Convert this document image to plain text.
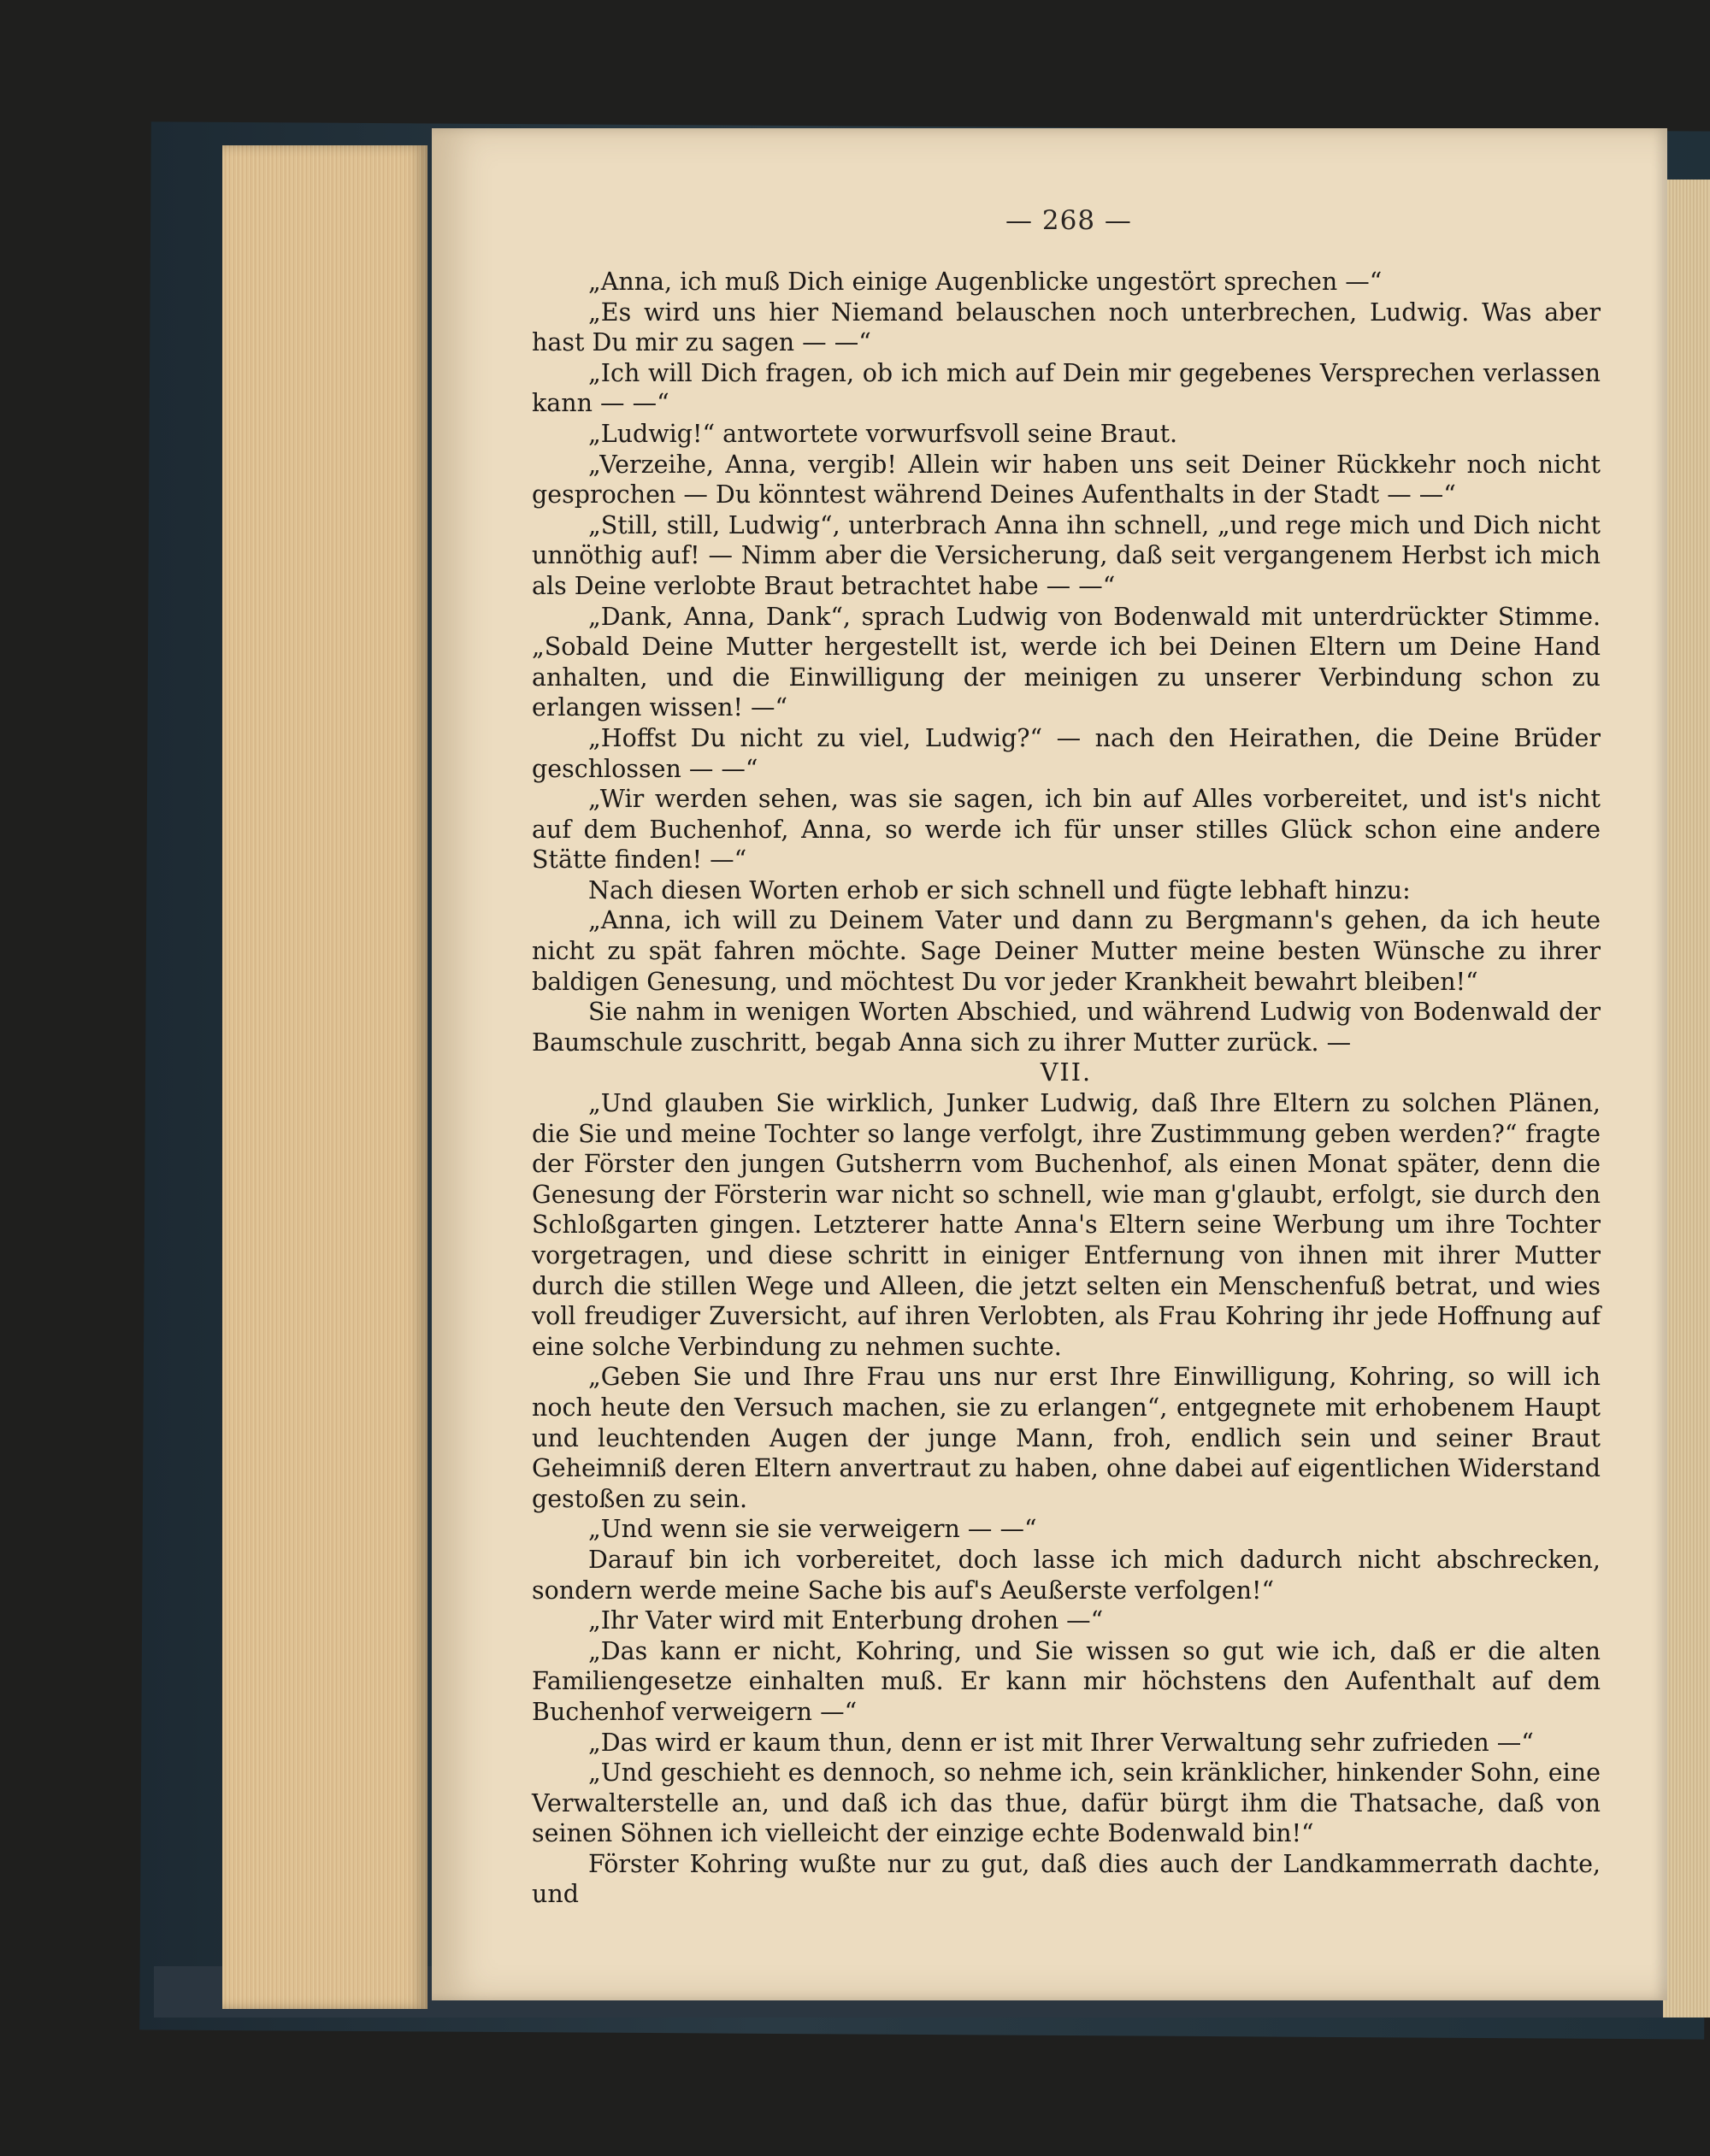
— 268 —

„Anna, ich muß Dich einige Augenblicke ungestört sprechen —“

„Es wird uns hier Niemand belauschen noch unterbrechen, Ludwig. Was aber hast Du mir zu sagen — —“

„Ich will Dich fragen, ob ich mich auf Dein mir gegebenes Versprechen verlassen kann — —“

„Ludwig!“ antwortete vorwurfsvoll seine Braut.

„Verzeihe, Anna, vergib! Allein wir haben uns seit Deiner Rückkehr noch nicht gesprochen — Du könntest während Deines Aufenthalts in der Stadt — —“

„Still, still, Ludwig“, unterbrach Anna ihn schnell, „und rege mich und Dich nicht unnöthig auf! — Nimm aber die Versicherung, daß seit vergangenem Herbst ich mich als Deine verlobte Braut betrachtet habe — —“

„Dank, Anna, Dank“, sprach Ludwig von Bodenwald mit unterdrückter Stimme. „Sobald Deine Mutter hergestellt ist, werde ich bei Deinen Eltern um Deine Hand anhalten, und die Einwilligung der meinigen zu unserer Verbindung schon zu erlangen wissen! —“

„Hoffst Du nicht zu viel, Ludwig?“ — nach den Heirathen, die Deine Brüder geschlossen — —“

„Wir werden sehen, was sie sagen, ich bin auf Alles vorbereitet, und ist's nicht auf dem Buchenhof, Anna, so werde ich für unser stilles Glück schon eine andere Stätte finden! —“

Nach diesen Worten erhob er sich schnell und fügte lebhaft hinzu:

„Anna, ich will zu Deinem Vater und dann zu Bergmann's gehen, da ich heute nicht zu spät fahren möchte. Sage Deiner Mutter meine besten Wünsche zu ihrer baldigen Genesung, und möchtest Du vor jeder Krankheit bewahrt bleiben!“

Sie nahm in wenigen Worten Abschied, und während Ludwig von Bodenwald der Baumschule zuschritt, begab Anna sich zu ihrer Mutter zurück. —

VII.

„Und glauben Sie wirklich, Junker Ludwig, daß Ihre Eltern zu solchen Plänen, die Sie und meine Tochter so lange verfolgt, ihre Zustimmung geben werden?“ fragte der Förster den jungen Gutsherrn vom Buchenhof, als einen Monat später, denn die Genesung der Försterin war nicht so schnell, wie man g'glaubt, erfolgt, sie durch den Schloßgarten gingen. Letzterer hatte Anna's Eltern seine Werbung um ihre Tochter vorgetragen, und diese schritt in einiger Entfernung von ihnen mit ihrer Mutter durch die stillen Wege und Alleen, die jetzt selten ein Menschenfuß betrat, und wies voll freudiger Zuversicht, auf ihren Verlobten, als Frau Kohring ihr jede Hoffnung auf eine solche Verbindung zu nehmen suchte.

„Geben Sie und Ihre Frau uns nur erst Ihre Einwilligung, Kohring, so will ich noch heute den Versuch machen, sie zu erlangen“, entgegnete mit erhobenem Haupt und leuchtenden Augen der junge Mann, froh, endlich sein und seiner Braut Geheimniß deren Eltern anvertraut zu haben, ohne dabei auf eigentlichen Widerstand gestoßen zu sein.

„Und wenn sie sie verweigern — —“

Darauf bin ich vorbereitet, doch lasse ich mich dadurch nicht abschrecken, sondern werde meine Sache bis auf's Aeußerste verfolgen!“

„Ihr Vater wird mit Enterbung drohen —“

„Das kann er nicht, Kohring, und Sie wissen so gut wie ich, daß er die alten Familiengesetze einhalten muß. Er kann mir höchstens den Aufenthalt auf dem Buchenhof verweigern —“

„Das wird er kaum thun, denn er ist mit Ihrer Verwaltung sehr zufrieden —“

„Und geschieht es dennoch, so nehme ich, sein kränklicher, hinkender Sohn, eine Verwalterstelle an, und daß ich das thue, dafür bürgt ihm die Thatsache, daß von seinen Söhnen ich vielleicht der einzige echte Bodenwald bin!“

Förster Kohring wußte nur zu gut, daß dies auch der Landkammerrath dachte, und
